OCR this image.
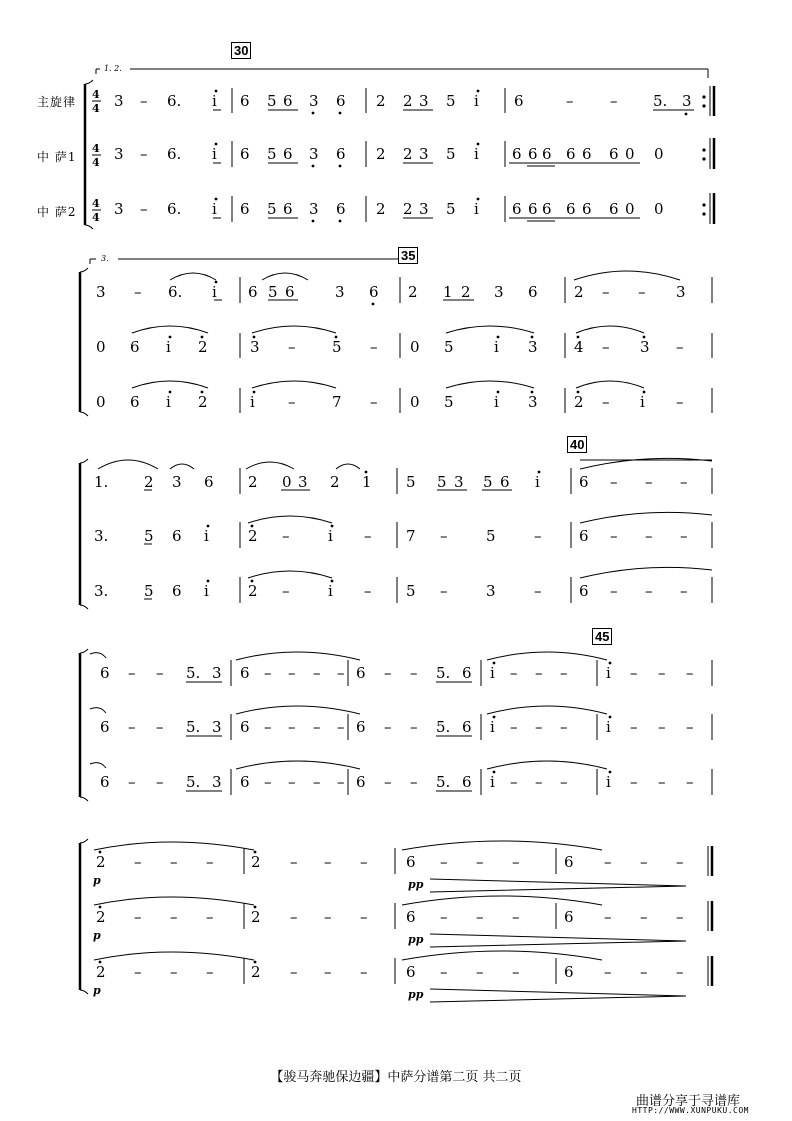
主旋律
中 萨1
中 萨2
30
35
40
45
1. 2.
3.
4
4
4
4
4
4
3 – 6. i 6 5 6 3 6 2 2 3 5 i 6	– – 5. 3
3 – 6. i 6 5 6 3 6 2 2 3 5 i 6 6 6 6 6 6 0 0
3 – 6. i 6 5 6 3 6 2 2 3 5 i 6 6 6 6 6 6 0 0
3 – 6. i 6 5 6	3 6 2 1 2 3 6 2 – – 3
0 6 i 2	3 – 5 – 0 5	i 3 4 – 3 –
0 6 i 2	i – 7 – 0 5	i 3 2 – i –
1. 2 3 6 2 0 3 2 1 5 5 3 5 6 i	6 – – –
3. 5 6 i	2 –	i – 7 –	5	–	6 – – –
3. 5 6 i	2 –	i – 5 –	3	–	6 – – –
6 – – 5. 3 6 – – – – 6 – – 5. 6 i – – –	i – – –
6 – – 5. 3 6 – – – – 6 – – 5. 6 i – – –	i – – –
6 – – 5. 3 6 – – – – 6 – – 5. 6 i – – –	i – – –
2 – – –	2 – – –	6 – – –	6 – – –
2 – – –	2 – – –	6 – – –	6 – – –
2 – – –	2 – – –	6 – – –	6 – – –
p
p
p
pp
pp
pp
【骏马奔驰保边疆】中萨分谱第二页 共二页
曲谱分享于寻谱库
HTTP://WWW.XUNPUKU.COM
